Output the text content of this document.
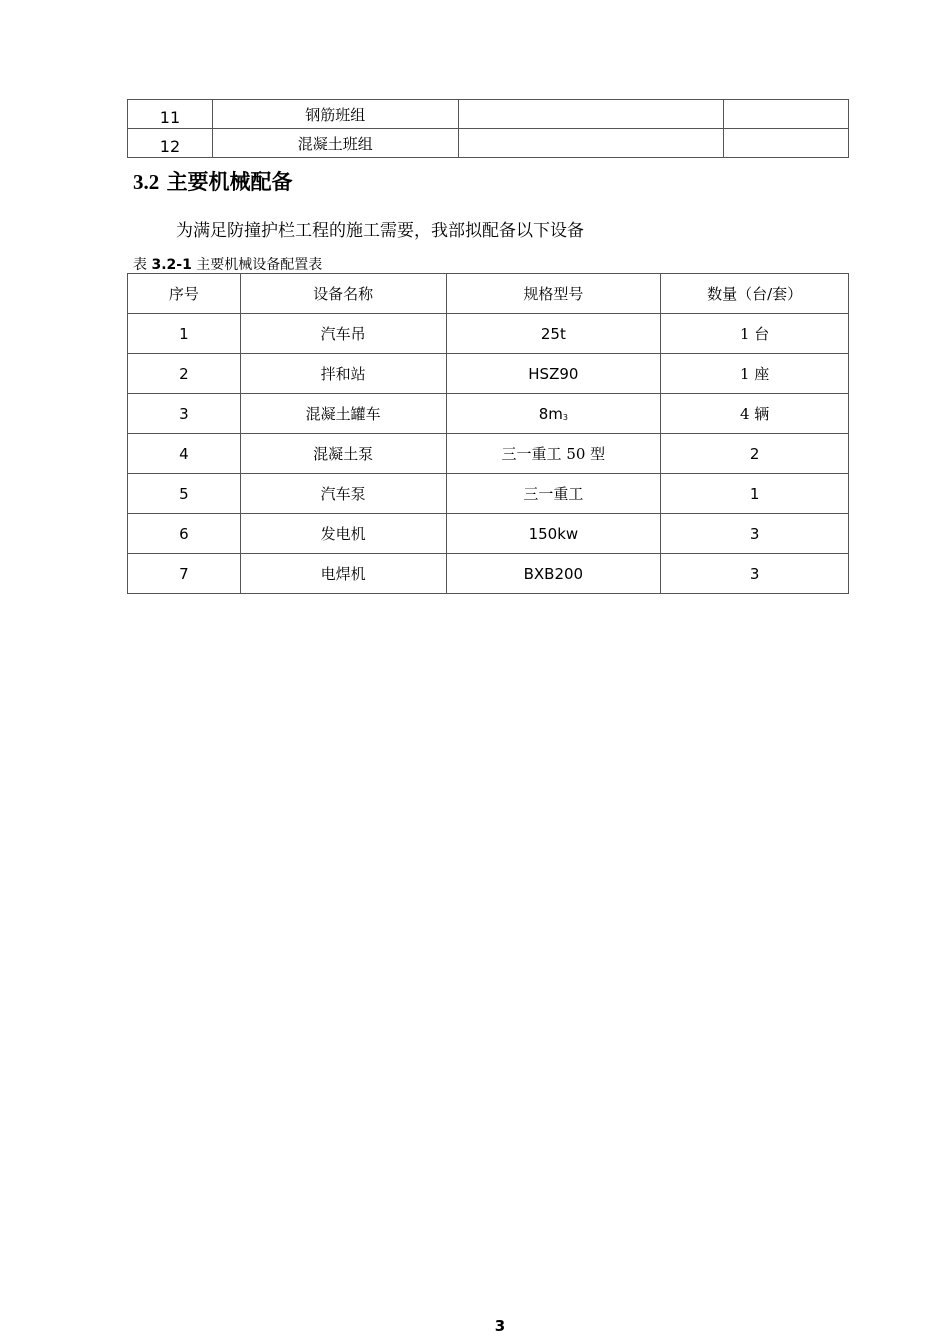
11	钢筋班组		
12	混凝土班组		
3.2 主要机械配备

为满足防撞护栏工程的施工需要，我部拟配备以下设备

表 3.2-1 主要机械设备配置表

序号	设备名称	规格型号	数量（台/套）
1	汽车吊	25t	1 台
2	拌和站	HSZ90	1 座
3	混凝土罐车	$8m_3$	4 辆
4	混凝土泵	三一重工 50 型	2
5	汽车泵	三一重工	1
6	发电机	150kw	3
7	电焊机	BXB200	3
3
